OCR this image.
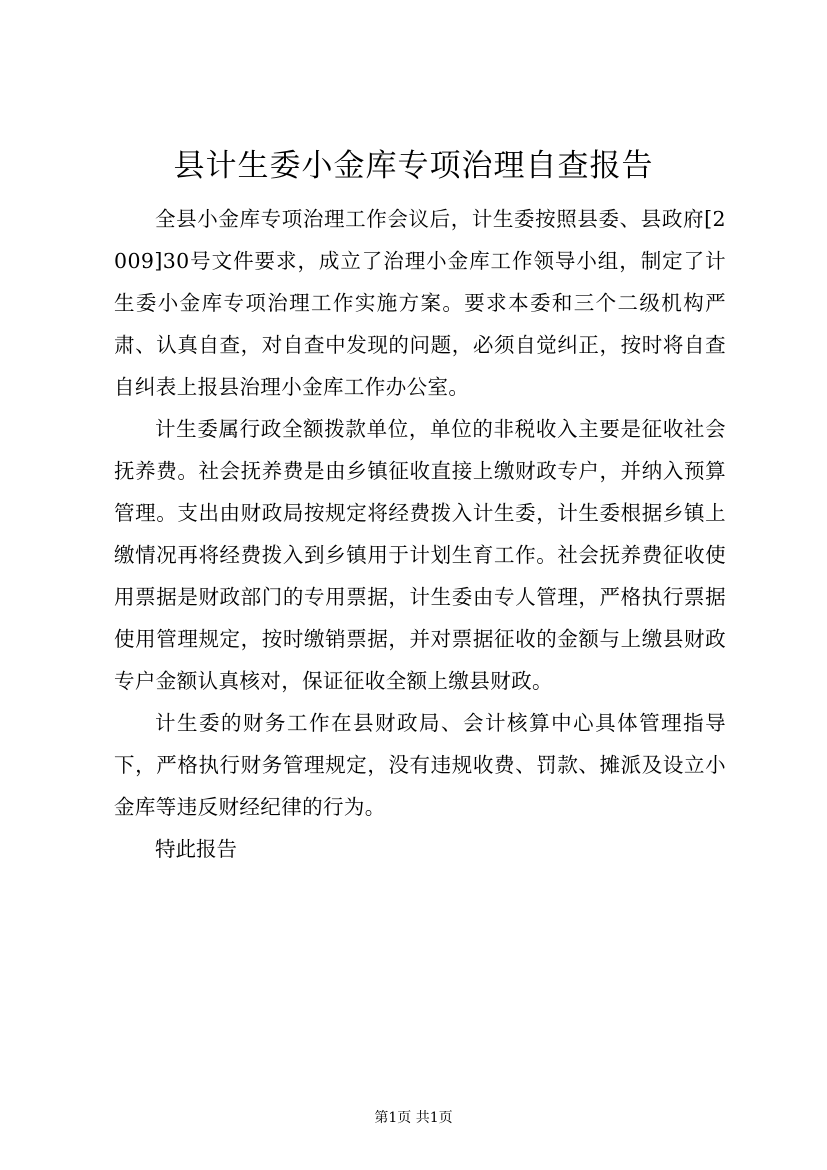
县计生委小金库专项治理自查报告

全县小金库专项治理工作会议后，计生委按照县委、县政府[2009]30号文件要求，成立了治理小金库工作领导小组，制定了计生委小金库专项治理工作实施方案。要求本委和三个二级机构严肃、认真自查，对自查中发现的问题，必须自觉纠正，按时将自查自纠表上报县治理小金库工作办公室。

计生委属行政全额拨款单位，单位的非税收入主要是征收社会抚养费。社会抚养费是由乡镇征收直接上缴财政专户，并纳入预算管理。支出由财政局按规定将经费拨入计生委，计生委根据乡镇上缴情况再将经费拨入到乡镇用于计划生育工作。社会抚养费征收使用票据是财政部门的专用票据，计生委由专人管理，严格执行票据使用管理规定，按时缴销票据，并对票据征收的金额与上缴县财政专户金额认真核对，保证征收全额上缴县财政。

计生委的财务工作在县财政局、会计核算中心具体管理指导下，严格执行财务管理规定，没有违规收费、罚款、摊派及设立小金库等违反财经纪律的行为。

特此报告

第1页 共1页
